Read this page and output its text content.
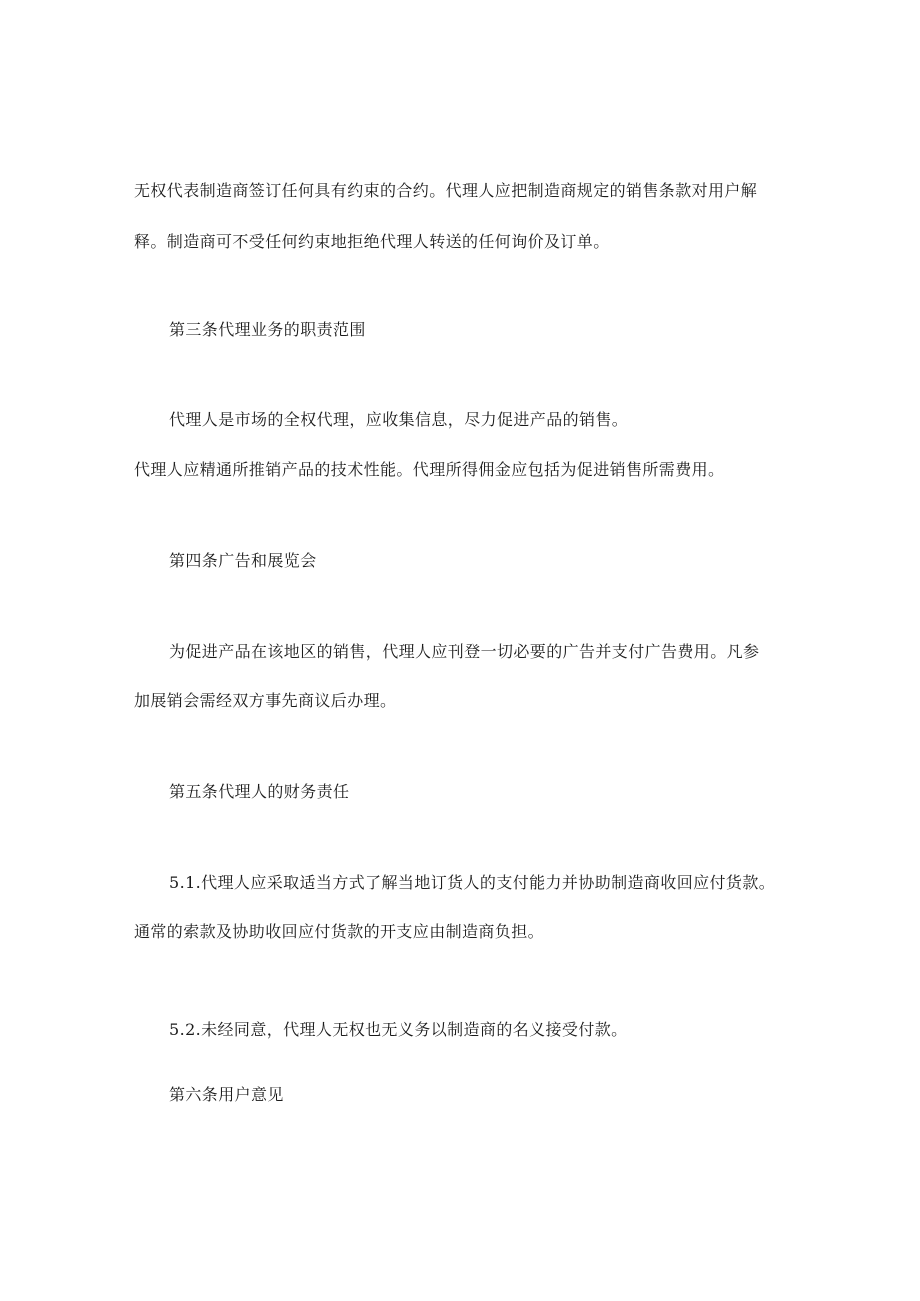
无权代表制造商签订任何具有约束的合约。代理人应把制造商规定的销售条款对用户解

释。制造商可不受任何约束地拒绝代理人转送的任何询价及订单。

第三条代理业务的职责范围

代理人是市场的全权代理，应收集信息，尽力促进产品的销售。

代理人应精通所推销产品的技术性能。代理所得佣金应包括为促进销售所需费用。

第四条广告和展览会

为促进产品在该地区的销售，代理人应刊登一切必要的广告并支付广告费用。凡参

加展销会需经双方事先商议后办理。

第五条代理人的财务责任

5.1.代理人应采取适当方式了解当地订货人的支付能力并协助制造商收回应付货款。

通常的索款及协助收回应付货款的开支应由制造商负担。

5.2.未经同意，代理人无权也无义务以制造商的名义接受付款。

第六条用户意见
